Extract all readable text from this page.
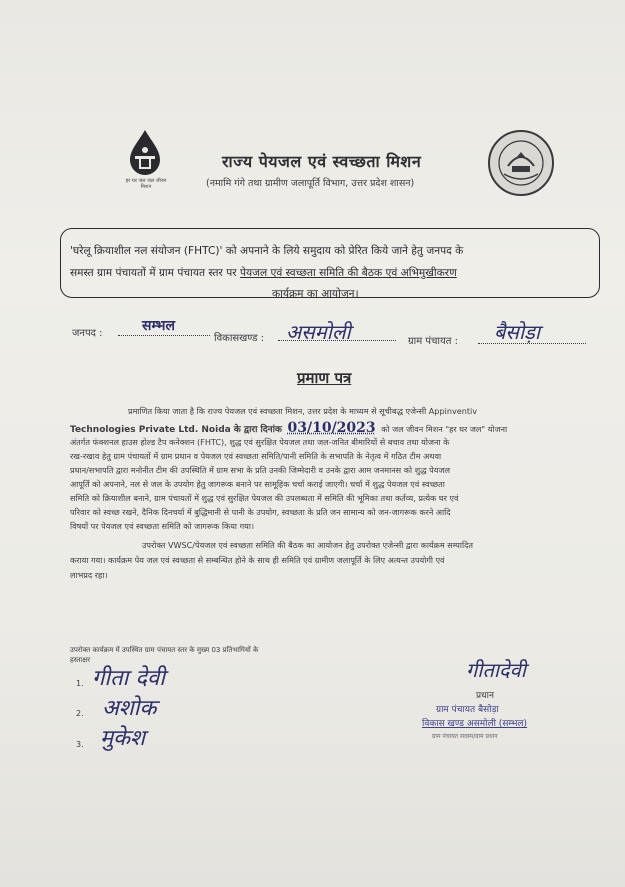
हर घर जल जल जीवन मिशन
राज्य पेयजल एवं स्वच्छता मिशन
(नमामि गंगे तथा ग्रामीण जलापूर्ति विभाग, उत्तर प्रदेश शासन)
'घरेलू क्रियाशील नल संयोजन (FHTC)' को अपनाने के लिये समुदाय को प्रेरित किये जाने हेतु जनपद के
समस्त ग्राम पंचायतों में ग्राम पंचायत स्तर पर पेयजल एवं स्वच्छता समिति की बैठक एवं अभिमुखीकरण
कार्यक्रम का आयोजन।
जनपद :	सम्भल
विकासखण्ड : असमोली	ग्राम पंचायत : बैसोड़ा
प्रमाण पत्र
प्रमाणित किया जाता है कि राज्य पेयजल एवं स्वच्छता मिशन, उत्तर प्रदेश के माध्यम से सूचीबद्ध एजेन्सी Appinventiv
Technologies Private Ltd. Noida के द्वारा दिनांक 03/10/2023 को जल जीवन मिशन "हर घर जल" योजना
अंतर्गत फंक्शनल हाउस होल्ड टैप कनेक्शन (FHTC), शुद्ध एवं सुरक्षित पेयजल तथा जल-जनित बीमारियों से बचाव तथा योजना के
रख-रखाव हेतु ग्राम पंचायतों में ग्राम प्रधान व पेयजल एवं स्वच्छता समिति/पानी समिति के सभापति के नेतृत्व में गठित टीम अथवा
प्रधान/सभापति द्वारा मनोनीत टीम की उपस्थिति में ग्राम सभा के प्रति उनकी जिम्मेदारी व उनके द्वारा आम जनमानस को शुद्ध पेयजल
आपूर्ति को अपनाने, नल से जल के उपयोग हेतु जागरूक बनाने पर सामूहिक चर्चा कराई जाएगी। चर्चा में शुद्ध पेयजल एवं स्वच्छता
समिति को क्रियाशील बनाने, ग्राम पंचायतों में शुद्ध एवं सुरक्षित पेयजल की उपलब्धता में समिति की भूमिका तथा कर्तव्य, प्रत्येक घर एवं
परिवार को स्वच्छ रखने, दैनिक दिनचर्या में बुद्धिमानी से पानी के उपयोग, स्वच्छता के प्रति जन सामान्य को जन-जागरूक करने आदि
विषयों पर पेयजल एवं स्वच्छता समिति को जागरूक किया गया।
उपरोक्त VWSC/पेयजल एवं स्वच्छता समिति की बैठक का आयोजन हेतु उपरोक्त एजेन्सी द्वारा कार्यक्रम सम्पादित
कराया गया। कार्यक्रम पेय जल एवं स्वच्छता से सम्बन्धित होने के साथ ही समिति एवं ग्रामीण जलापूर्ति के लिए अत्यन्त उपयोगी एवं
लाभप्रद रहा।
उपरोक्त कार्यक्रम में उपस्थित ग्राम पंचायत स्तर के मुख्य 03 प्रतिभागियों के
हस्ताक्षर
1. गीता देवी
2. अशोक
3. मुकेश
गीतादेवी
प्रधान
ग्राम पंचायत बैसोड़ा
विकास खण्ड असमोली (सम्भल)
ग्राम पंचायत सदस्य/ग्राम प्रधान
